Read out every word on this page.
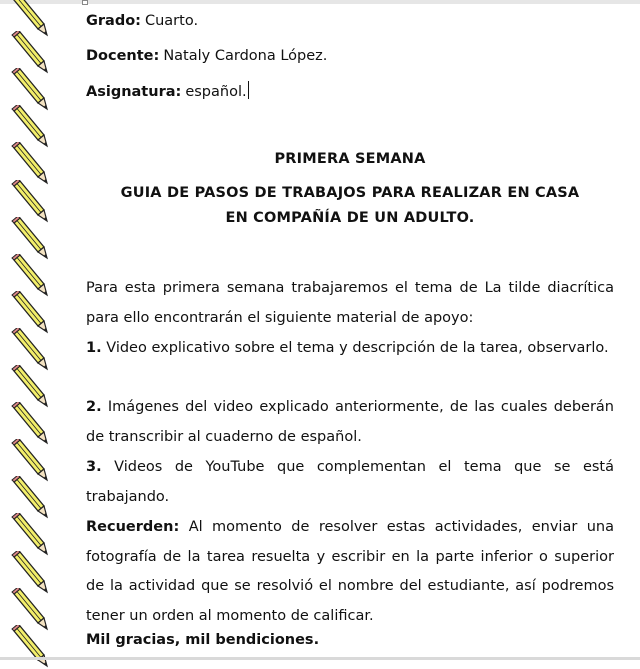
Grado: Cuarto.
Docente: Nataly Cardona López.
Asignatura: español.
PRIMERA SEMANA
GUIA DE PASOS DE TRABAJOS PARA REALIZAR EN CASA
EN COMPAÑÍA DE UN ADULTO.
Para esta primera semana trabajaremos el tema de La tilde diacrítica para ello encontrarán el siguiente material de apoyo:
1. Video explicativo sobre el tema y descripción de la tarea, observarlo.
2. Imágenes del video explicado anteriormente, de las cuales deberán de transcribir al cuaderno de español.
3. Videos de YouTube que complementan el tema que se está trabajando.
Recuerden: Al momento de resolver estas actividades, enviar una fotografía de la tarea resuelta y escribir en la parte inferior o superior de la actividad que se resolvió el nombre del estudiante, así podremos tener un orden al momento de calificar.
Mil gracias, mil bendiciones.
